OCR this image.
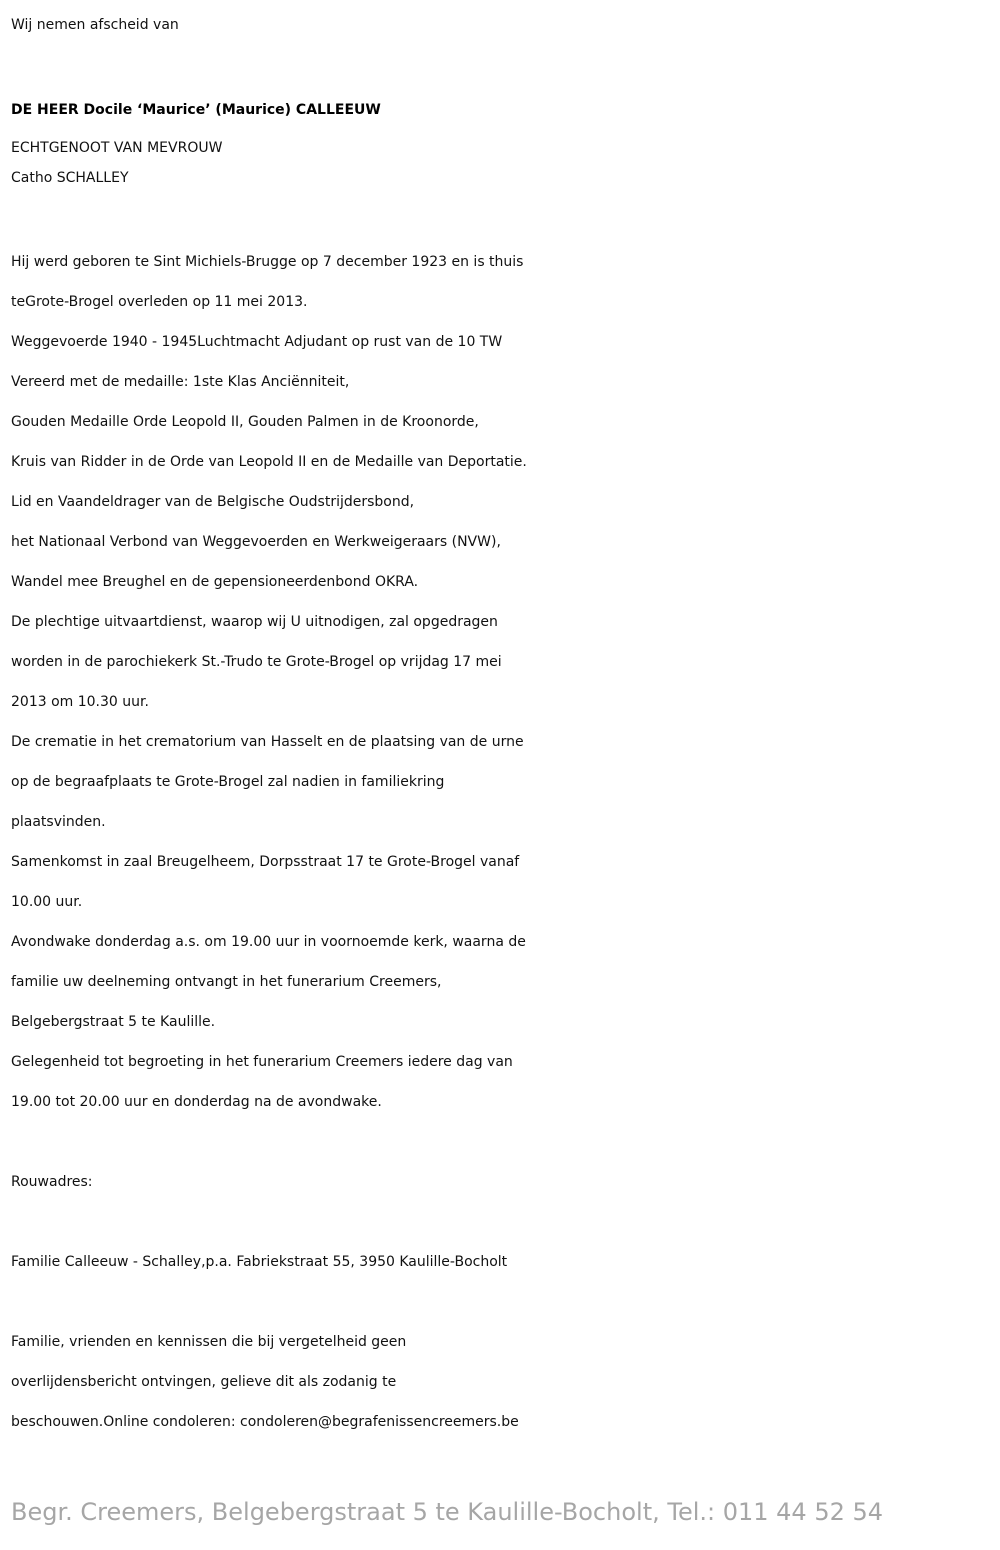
Wij nemen afscheid van
DE HEER Docile ‘Maurice’ (Maurice) CALLEEUW
ECHTGENOOT VAN MEVROUW
Catho SCHALLEY
Hij werd geboren te Sint Michiels-Brugge op 7 december 1923 en is thuis
teGrote-Brogel overleden op 11 mei 2013.
Weggevoerde 1940 - 1945Luchtmacht Adjudant op rust van de 10 TW
Vereerd met de medaille: 1ste Klas Anciënniteit,
Gouden Medaille Orde Leopold II, Gouden Palmen in de Kroonorde,
Kruis van Ridder in de Orde van Leopold II en de Medaille van Deportatie.
Lid en Vaandeldrager van de Belgische Oudstrijdersbond,
het Nationaal Verbond van Weggevoerden en Werkweigeraars (NVW),
Wandel mee Breughel en de gepensioneerdenbond OKRA.
De plechtige uitvaartdienst, waarop wij U uitnodigen, zal opgedragen
worden in de parochiekerk St.-Trudo te Grote-Brogel op vrijdag 17 mei
2013 om 10.30 uur.
De crematie in het crematorium van Hasselt en de plaatsing van de urne
op de begraafplaats te Grote-Brogel zal nadien in familiekring
plaatsvinden.
Samenkomst in zaal Breugelheem, Dorpsstraat 17 te Grote-Brogel vanaf
10.00 uur.
Avondwake donderdag a.s. om 19.00 uur in voornoemde kerk, waarna de
familie uw deelneming ontvangt in het funerarium Creemers,
Belgebergstraat 5 te Kaulille.
Gelegenheid tot begroeting in het funerarium Creemers iedere dag van
19.00 tot 20.00 uur en donderdag na de avondwake.
Rouwadres:
Familie Calleeuw - Schalley,p.a. Fabriekstraat 55, 3950 Kaulille-Bocholt
Familie, vrienden en kennissen die bij vergetelheid geen
overlijdensbericht ontvingen, gelieve dit als zodanig te
beschouwen.Online condoleren: condoleren@begrafenissencreemers.be
Begr. Creemers, Belgebergstraat 5 te Kaulille-Bocholt, Tel.: 011 44 52 54
